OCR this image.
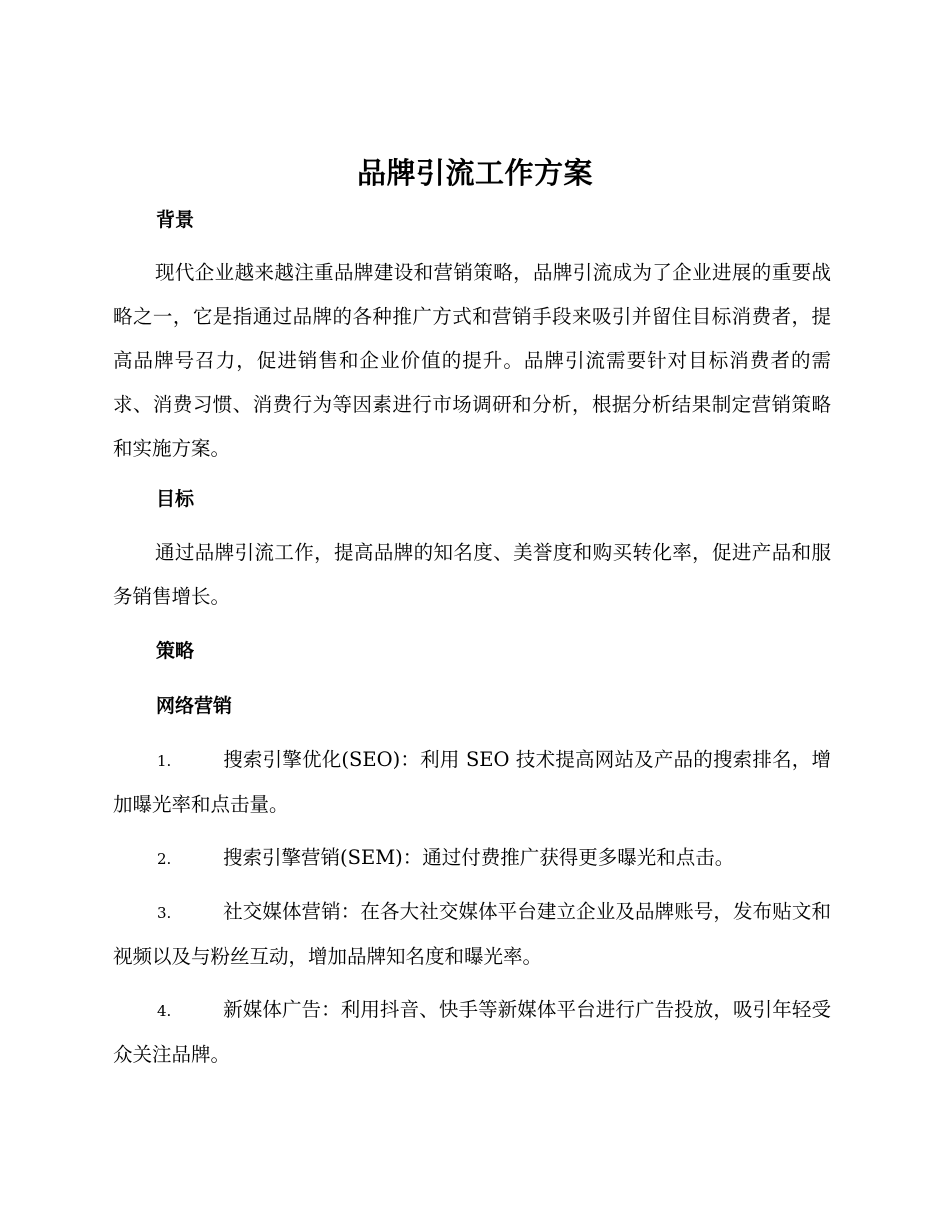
品牌引流工作方案
背景

现代企业越来越注重品牌建设和营销策略，品牌引流成为了企业进展的重要战略之一，它是指通过品牌的各种推广方式和营销手段来吸引并留住目标消费者，提高品牌号召力，促进销售和企业价值的提升。品牌引流需要针对目标消费者的需求、消费习惯、消费行为等因素进行市场调研和分析，根据分析结果制定营销策略和实施方案。

目标

通过品牌引流工作，提高品牌的知名度、美誉度和购买转化率，促进产品和服务销售增长。

策略
网络营销

1.	搜索引擎优化(SEO)：利用 SEO 技术提高网站及产品的搜索排名，增加曝光率和点击量。

2.	搜索引擎营销(SEM)：通过付费推广获得更多曝光和点击。

3.	社交媒体营销：在各大社交媒体平台建立企业及品牌账号，发布贴文和视频以及与粉丝互动，增加品牌知名度和曝光率。

4.	新媒体广告：利用抖音、快手等新媒体平台进行广告投放，吸引年轻受众关注品牌。
